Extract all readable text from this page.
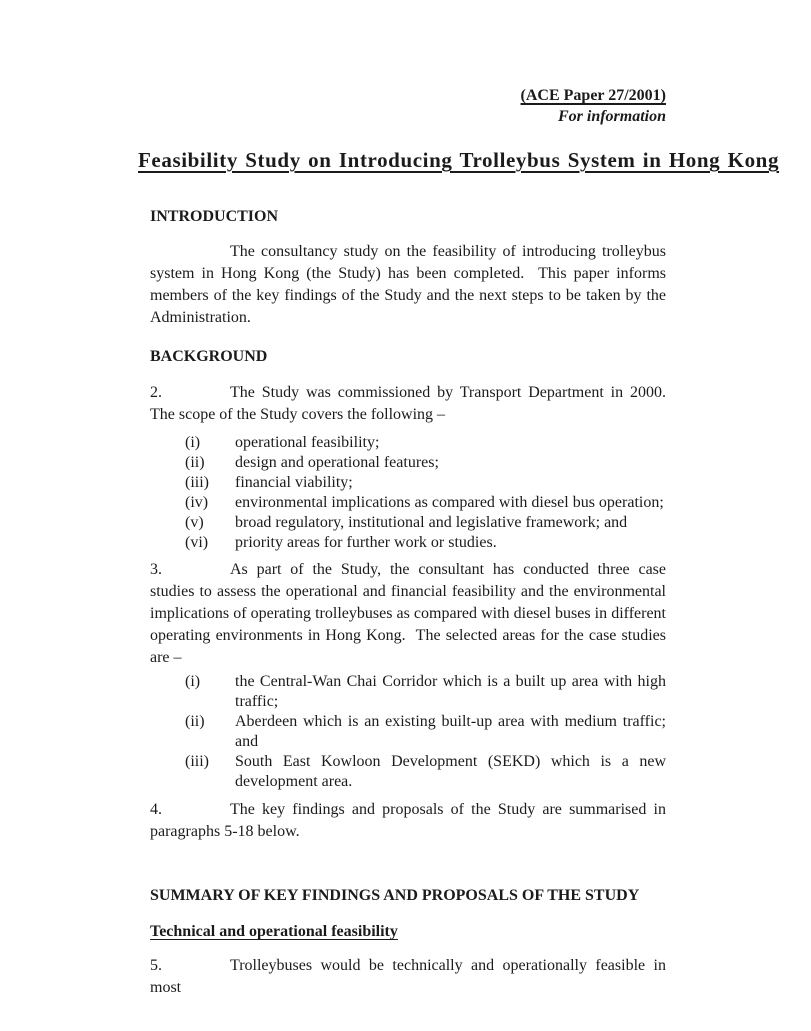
(ACE Paper 27/2001)
For information
Feasibility Study on Introducing Trolleybus System in Hong Kong
INTRODUCTION
The consultancy study on the feasibility of introducing trolleybus system in Hong Kong (the Study) has been completed.  This paper informs members of the key findings of the Study and the next steps to be taken by the Administration.
BACKGROUND
2.	The Study was commissioned by Transport Department in 2000.  The scope of the Study covers the following –
(i) operational feasibility;
(ii) design and operational features;
(iii) financial viability;
(iv) environmental implications as compared with diesel bus operation;
(v) broad regulatory, institutional and legislative framework; and
(vi) priority areas for further work or studies.
3.	As part of the Study, the consultant has conducted three case studies to assess the operational and financial feasibility and the environmental implications of operating trolleybuses as compared with diesel buses in different operating environments in Hong Kong.  The selected areas for the case studies are –
(i) the Central-Wan Chai Corridor which is a built up area with high traffic;
(ii) Aberdeen which is an existing built-up area with medium traffic; and
(iii) South East Kowloon Development (SEKD) which is a new development area.
4.	The key findings and proposals of the Study are summarised in paragraphs 5-18 below.
SUMMARY OF KEY FINDINGS AND PROPOSALS OF THE STUDY
Technical and operational feasibility
5.	Trolleybuses would be technically and operationally feasible in most
